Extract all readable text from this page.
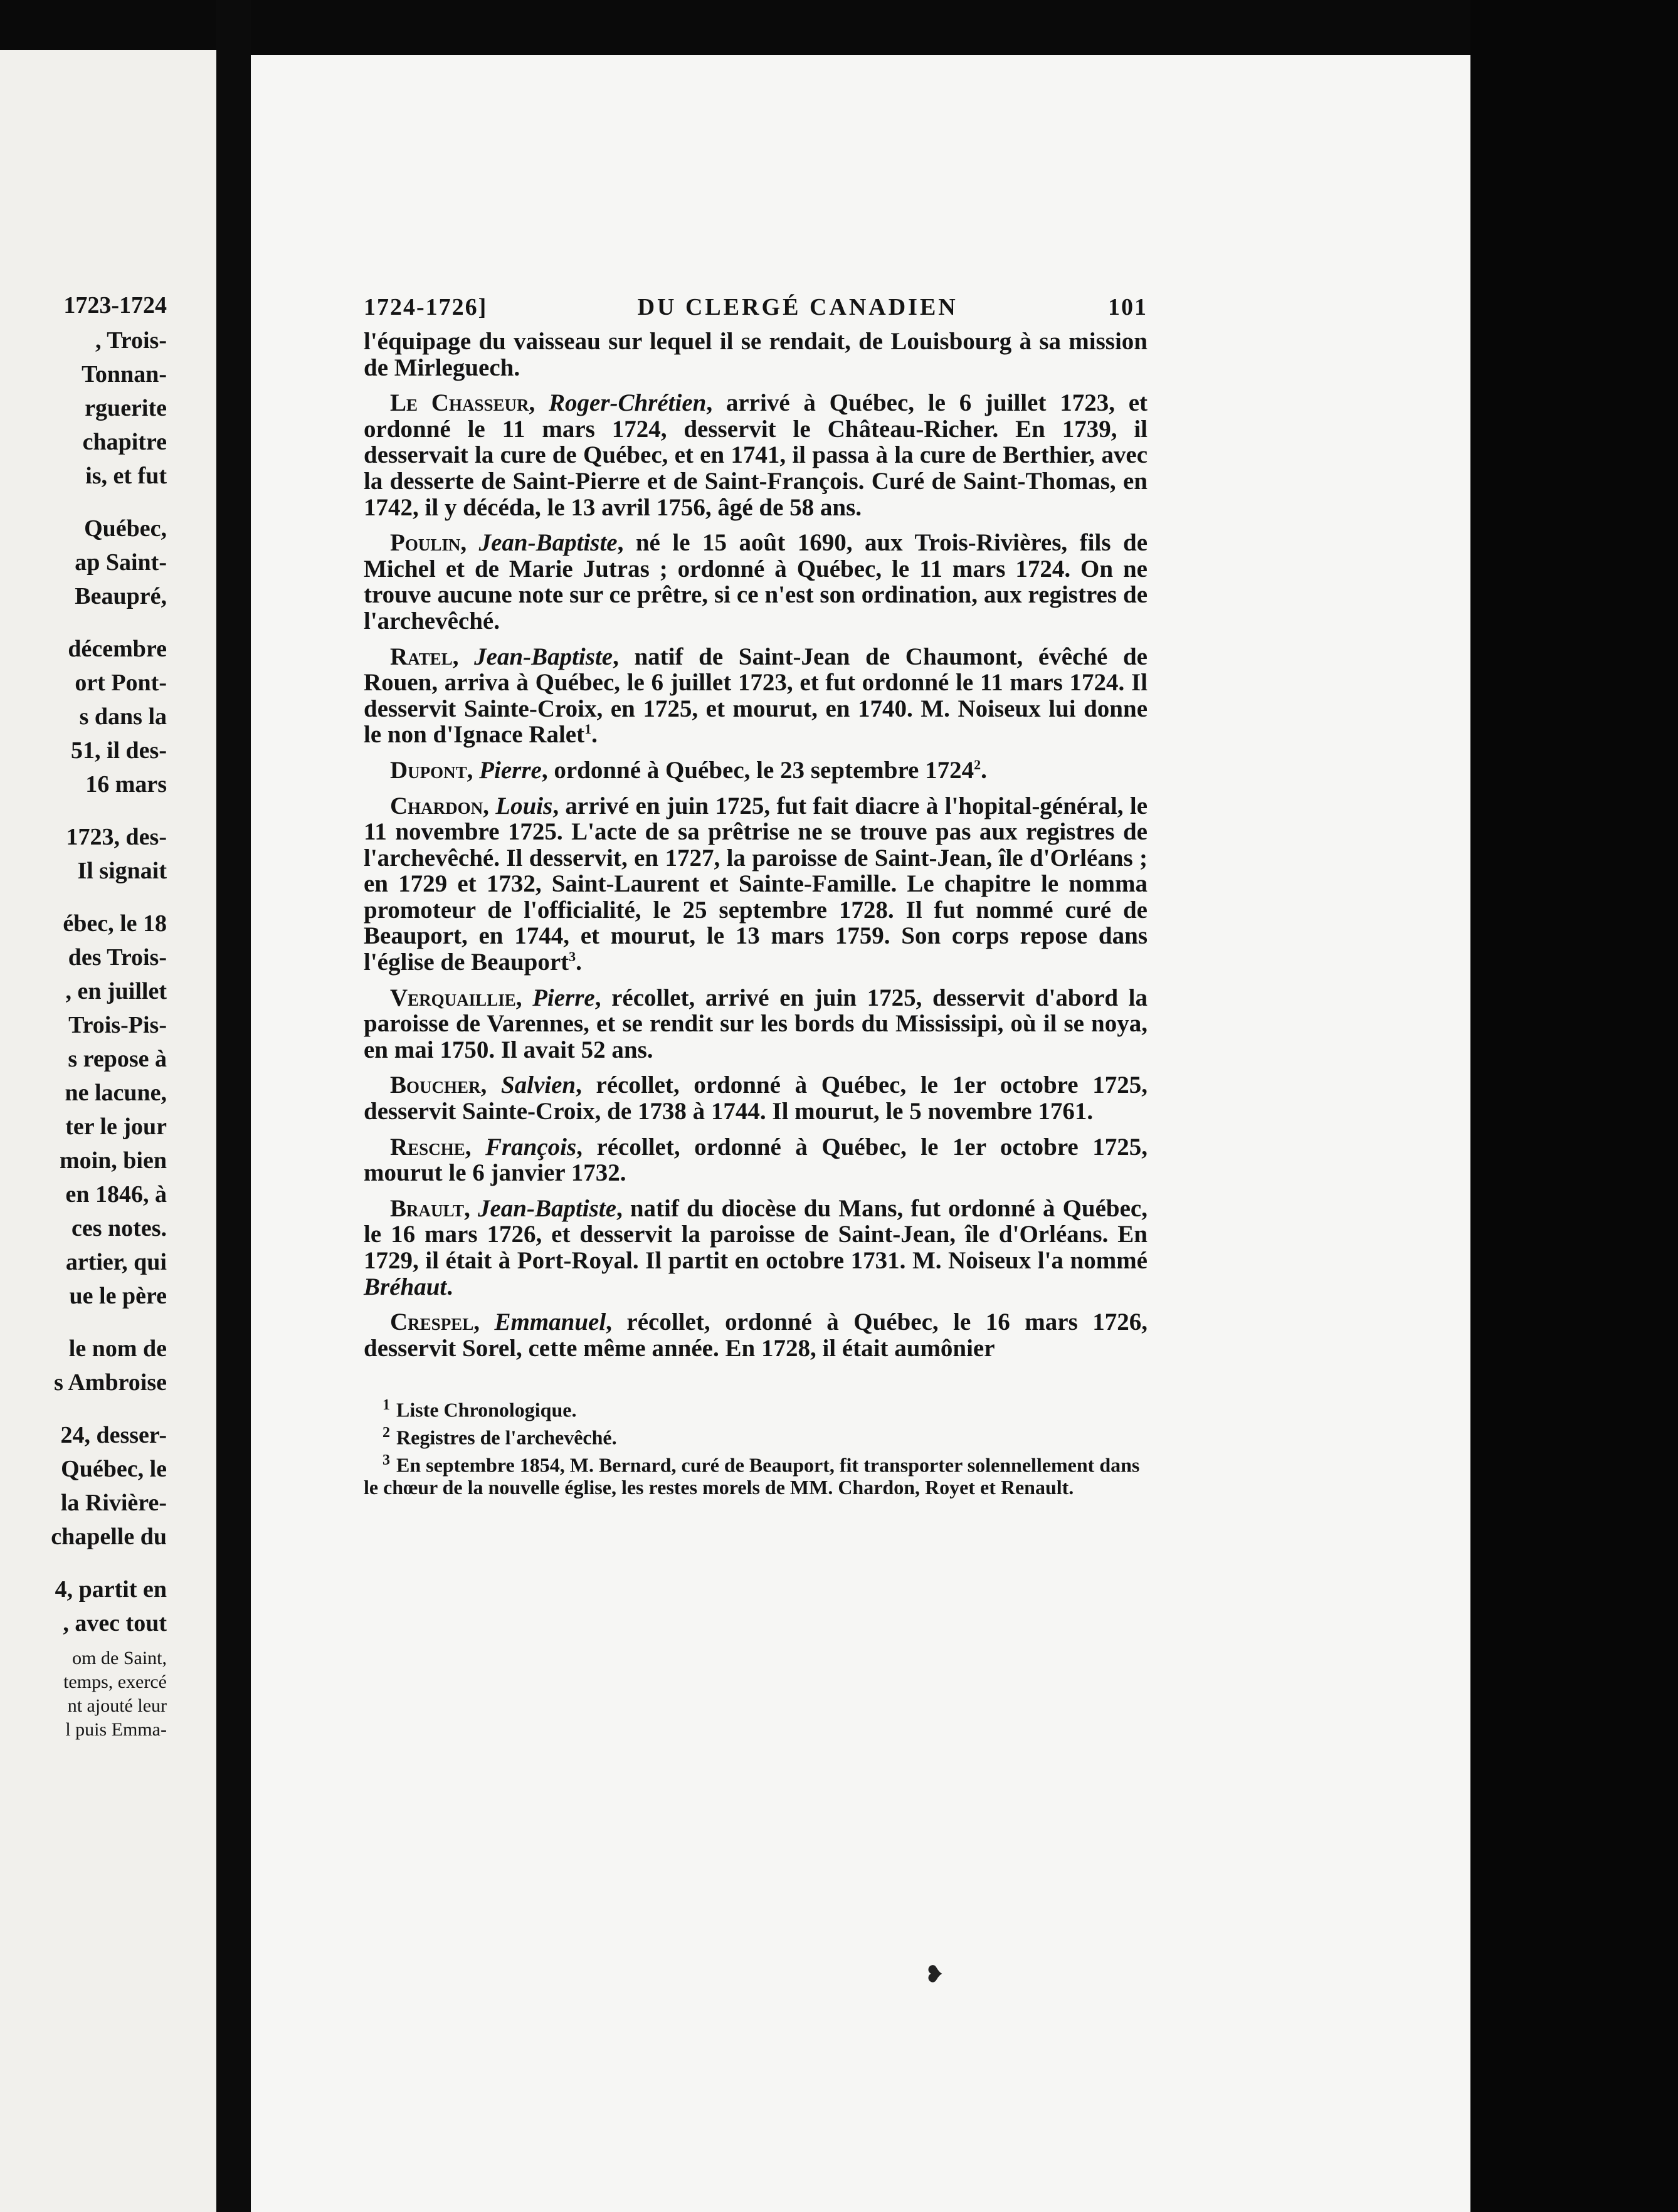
1723-1724
, Trois-
Tonnan-
rguerite
chapitre
is, et fut
Québec,
ap Saint-
Beaupré,
décembre
ort Pont-
s dans la
51, il des-
16 mars
1723, des-
Il signait
ébec, le 18
des Trois-
, en juillet
Trois-Pis-
s repose à
ne lacune,
ter le jour
moin, bien
en 1846, à
ces notes.
artier, qui
ue le père
le nom de
s Ambroise
24, desser-
Québec, le
la Rivière-
chapelle du
4, partit en
, avec tout
om de Saint,
temps, exercé
nt ajouté leur
l puis Emma-
1724-1726]	DU CLERGÉ CANADIEN	101

l'équipage du vaisseau sur lequel il se rendait, de Louisbourg à sa mission de Mirleguech.

Le Chasseur, Roger-Chrétien, arrivé à Québec, le 6 juillet 1723, et ordonné le 11 mars 1724, desservit le Château-Richer. En 1739, il desservait la cure de Québec, et en 1741, il passa à la cure de Berthier, avec la desserte de Saint-Pierre et de Saint-François. Curé de Saint-Thomas, en 1742, il y décéda, le 13 avril 1756, âgé de 58 ans.

Poulin, Jean-Baptiste, né le 15 août 1690, aux Trois-Rivières, fils de Michel et de Marie Jutras ; ordonné à Québec, le 11 mars 1724. On ne trouve aucune note sur ce prêtre, si ce n'est son ordination, aux registres de l'archevêché.

Ratel, Jean-Baptiste, natif de Saint-Jean de Chaumont, évêché de Rouen, arriva à Québec, le 6 juillet 1723, et fut ordonné le 11 mars 1724. Il desservit Sainte-Croix, en 1725, et mourut, en 1740. M. Noiseux lui donne le non d'Ignace Ralet$^1$.

Dupont, Pierre, ordonné à Québec, le 23 septembre 1724$^2$.

Chardon, Louis, arrivé en juin 1725, fut fait diacre à l'hopital-général, le 11 novembre 1725. L'acte de sa prêtrise ne se trouve pas aux registres de l'archevêché. Il desservit, en 1727, la paroisse de Saint-Jean, île d'Orléans ; en 1729 et 1732, Saint-Laurent et Sainte-Famille. Le chapitre le nomma promoteur de l'officialité, le 25 septembre 1728. Il fut nommé curé de Beauport, en 1744, et mourut, le 13 mars 1759. Son corps repose dans l'église de Beauport$^3$.

Verquaillie, Pierre, récollet, arrivé en juin 1725, desservit d'abord la paroisse de Varennes, et se rendit sur les bords du Mississipi, où il se noya, en mai 1750. Il avait 52 ans.

Boucher, Salvien, récollet, ordonné à Québec, le 1er octobre 1725, desservit Sainte-Croix, de 1738 à 1744. Il mourut, le 5 novembre 1761.

Resche, François, récollet, ordonné à Québec, le 1er octobre 1725, mourut le 6 janvier 1732.

Brault, Jean-Baptiste, natif du diocèse du Mans, fut ordonné à Québec, le 16 mars 1726, et desservit la paroisse de Saint-Jean, île d'Orléans. En 1729, il était à Port-Royal. Il partit en octobre 1731. M. Noiseux l'a nommé Bréhaut.

Crespel, Emmanuel, récollet, ordonné à Québec, le 16 mars 1726, desservit Sorel, cette même année. En 1728, il était aumônier

$^1$ Liste Chronologique.

$^2$ Registres de l'archevêché.

$^3$ En septembre 1854, M. Bernard, curé de Beauport, fit transporter solennellement dans le chœur de la nouvelle église, les restes morels de MM. Chardon, Royet et Renault.

❥
